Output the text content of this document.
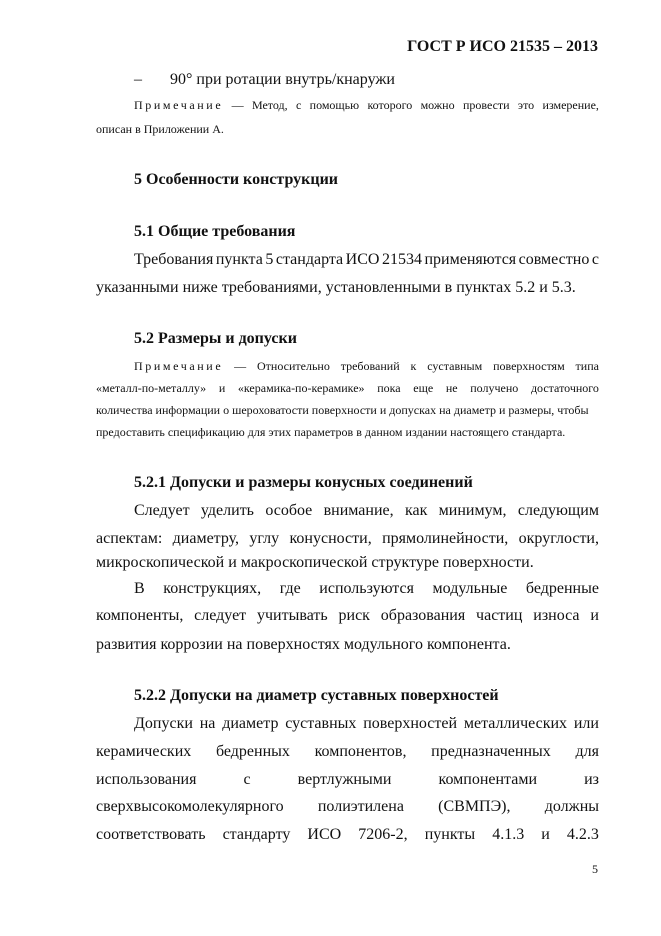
ГОСТ Р ИСО 21535 – 2013
– 90° при ротации внутрь/кнаружи
Примечание — Метод, с помощью которого можно провести это измерение,
описан в Приложении А.
5 Особенности конструкции
5.1 Общие требования
Требования пункта 5 стандарта ИСО 21534 применяются совместно с
указанными ниже требованиями, установленными в пунктах 5.2 и 5.3.
5.2 Размеры и допуски
Примечание — Относительно требований к суставным поверхностям типа
«металл-по-металлу» и «керамика-по-керамике» пока еще не получено достаточного
количества информации о шероховатости поверхности и допусках на диаметр и размеры, чтобы
предоставить спецификацию для этих параметров в данном издании настоящего стандарта.
5.2.1 Допуски и размеры конусных соединений
Следует уделить особое внимание, как минимум, следующим
аспектам: диаметру, углу конусности, прямолинейности, округлости,
микроскопической и макроскопической структуре поверхности.
В конструкциях, где используются модульные бедренные
компоненты, следует учитывать риск образования частиц износа и
развития коррозии на поверхностях модульного компонента.
5.2.2 Допуски на диаметр суставных поверхностей
Допуски на диаметр суставных поверхностей металлических или
керамических бедренных компонентов, предназначенных для
использования	с	вертлужными	компонентами	из
сверхвысокомолекулярного полиэтилена (СВМПЭ), должны
соответствовать стандарту ИСО 7206-2, пункты 4.1.3 и 4.2.3
5
